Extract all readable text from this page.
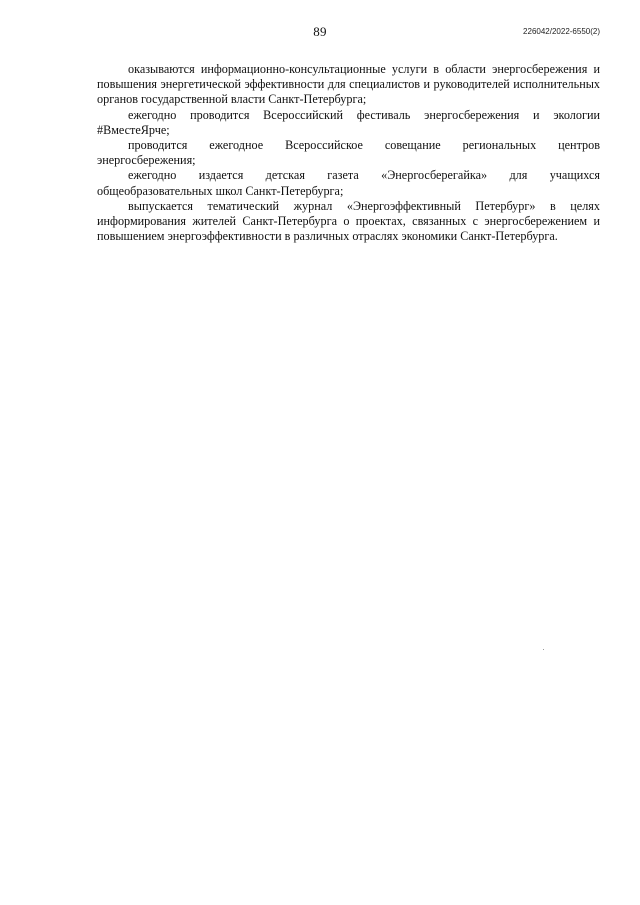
89	226042/2022-6550(2)

оказываются информационно-консультационные услуги в области энергосбережения и повышения энергетической эффективности для специалистов и руководителей исполнительных органов государственной власти Санкт-Петербурга;

ежегодно проводится Всероссийский фестиваль энергосбережения и экологии #ВместеЯрче;

проводится ежегодное Всероссийское совещание региональных центров энергосбережения;

ежегодно издается детская газета «Энергосберегайка» для учащихся общеобразовательных школ Санкт-Петербурга;

выпускается тематический журнал «Энергоэффективный Петербург» в целях информирования жителей Санкт-Петербурга о проектах, связанных с энергосбережением и повышением энергоэффективности в различных отраслях экономики Санкт-Петербурга.
